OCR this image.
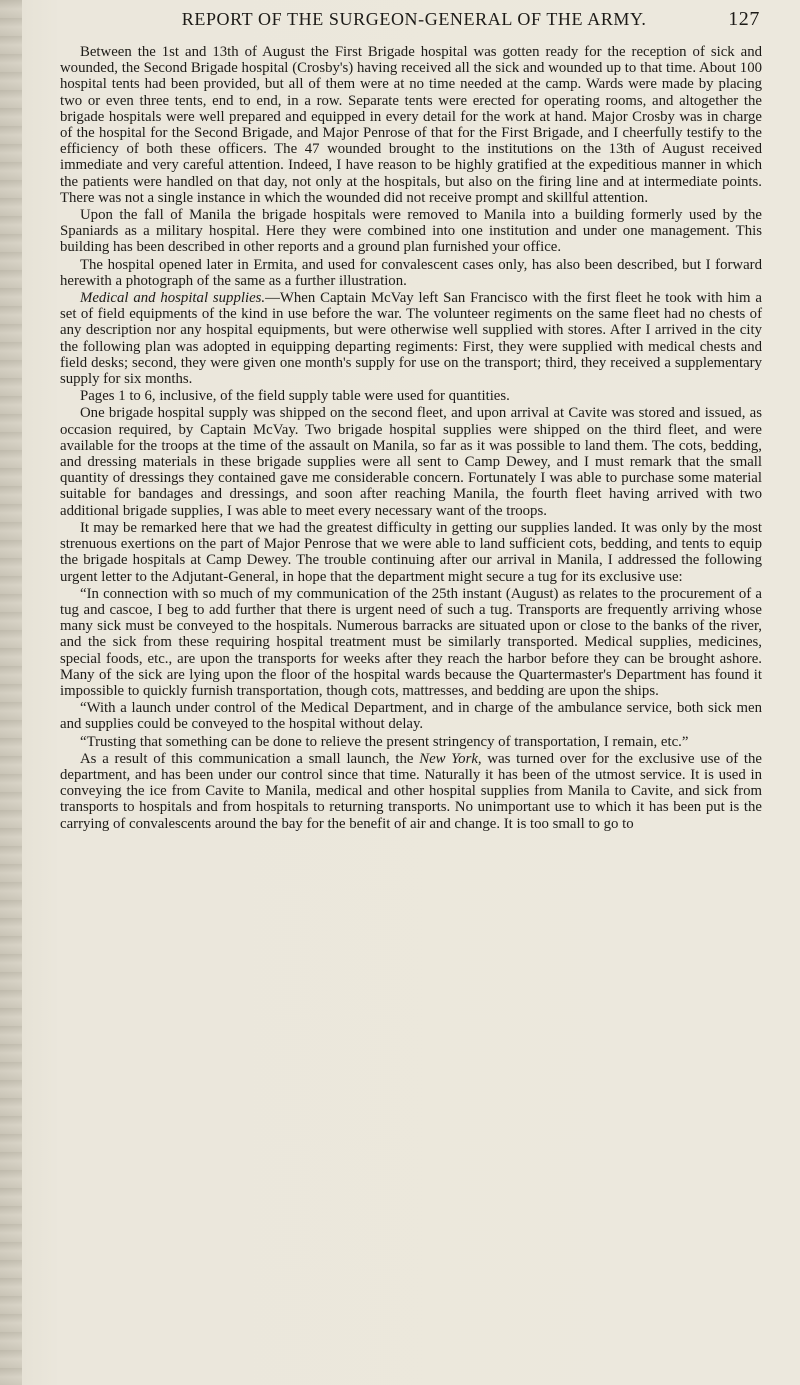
REPORT OF THE SURGEON-GENERAL OF THE ARMY.	127

Between the 1st and 13th of August the First Brigade hospital was gotten ready for the reception of sick and wounded, the Second Brigade hospital (Crosby's) having received all the sick and wounded up to that time. About 100 hospital tents had been provided, but all of them were at no time needed at the camp. Wards were made by placing two or even three tents, end to end, in a row. Separate tents were erected for operating rooms, and altogether the brigade hospitals were well prepared and equipped in every detail for the work at hand. Major Crosby was in charge of the hospital for the Second Brigade, and Major Penrose of that for the First Brigade, and I cheerfully testify to the efficiency of both these officers. The 47 wounded brought to the institutions on the 13th of August received immediate and very careful attention. Indeed, I have reason to be highly gratified at the expeditious manner in which the patients were handled on that day, not only at the hospitals, but also on the firing line and at intermediate points. There was not a single instance in which the wounded did not receive prompt and skillful attention.

Upon the fall of Manila the brigade hospitals were removed to Manila into a building formerly used by the Spaniards as a military hospital. Here they were combined into one institution and under one management. This building has been described in other reports and a ground plan furnished your office.

The hospital opened later in Ermita, and used for convalescent cases only, has also been described, but I forward herewith a photograph of the same as a further illustration.

Medical and hospital supplies.—When Captain McVay left San Francisco with the first fleet he took with him a set of field equipments of the kind in use before the war. The volunteer regiments on the same fleet had no chests of any description nor any hospital equipments, but were otherwise well supplied with stores. After I arrived in the city the following plan was adopted in equipping departing regiments: First, they were supplied with medical chests and field desks; second, they were given one month's supply for use on the transport; third, they received a supplementary supply for six months.

Pages 1 to 6, inclusive, of the field supply table were used for quantities.

One brigade hospital supply was shipped on the second fleet, and upon arrival at Cavite was stored and issued, as occasion required, by Captain McVay. Two brigade hospital supplies were shipped on the third fleet, and were available for the troops at the time of the assault on Manila, so far as it was possible to land them. The cots, bedding, and dressing materials in these brigade supplies were all sent to Camp Dewey, and I must remark that the small quantity of dressings they contained gave me considerable concern. Fortunately I was able to purchase some material suitable for bandages and dressings, and soon after reaching Manila, the fourth fleet having arrived with two additional brigade supplies, I was able to meet every necessary want of the troops.

It may be remarked here that we had the greatest difficulty in getting our supplies landed. It was only by the most strenuous exertions on the part of Major Penrose that we were able to land sufficient cots, bedding, and tents to equip the brigade hospitals at Camp Dewey. The trouble continuing after our arrival in Manila, I addressed the following urgent letter to the Adjutant-General, in hope that the department might secure a tug for its exclusive use:

“In connection with so much of my communication of the 25th instant (August) as relates to the procurement of a tug and cascoe, I beg to add further that there is urgent need of such a tug. Transports are frequently arriving whose many sick must be conveyed to the hospitals. Numerous barracks are situated upon or close to the banks of the river, and the sick from these requiring hospital treatment must be similarly transported. Medical supplies, medicines, special foods, etc., are upon the transports for weeks after they reach the harbor before they can be brought ashore. Many of the sick are lying upon the floor of the hospital wards because the Quartermaster's Department has found it impossible to quickly furnish transportation, though cots, mattresses, and bedding are upon the ships.

“With a launch under control of the Medical Department, and in charge of the ambulance service, both sick men and supplies could be conveyed to the hospital without delay.

“Trusting that something can be done to relieve the present stringency of transportation, I remain, etc.”

As a result of this communication a small launch, the New York, was turned over for the exclusive use of the department, and has been under our control since that time. Naturally it has been of the utmost service. It is used in conveying the ice from Cavite to Manila, medical and other hospital supplies from Manila to Cavite, and sick from transports to hospitals and from hospitals to returning transports. No unimportant use to which it has been put is the carrying of convalescents around the bay for the benefit of air and change. It is too small to go to
